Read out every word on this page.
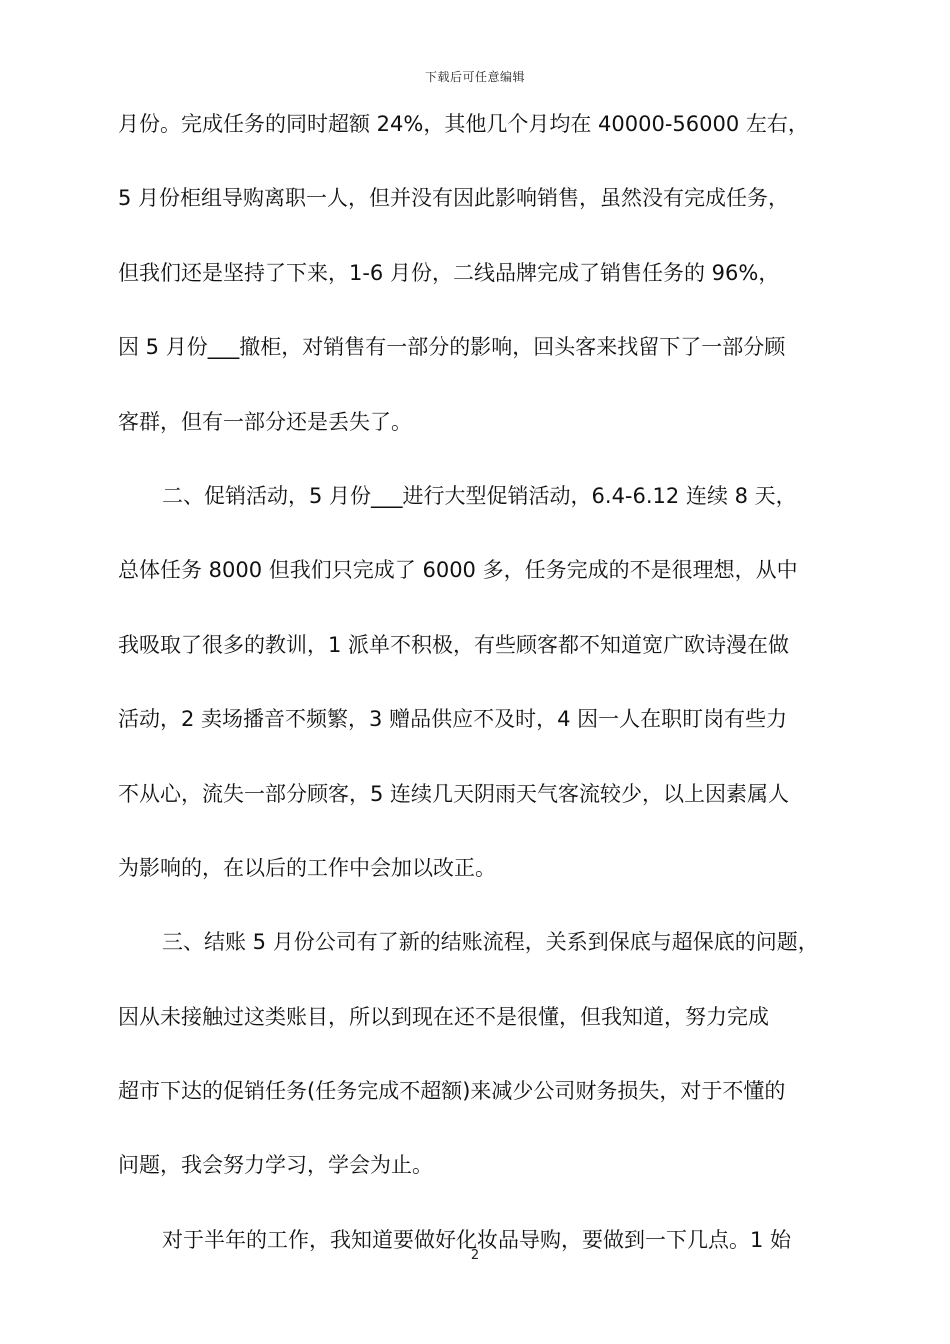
下载后可任意编辑
月份。完成任务的同时超额 24%，其他几个月均在 40000-56000 左右，
5 月份柜组导购离职一人，但并没有因此影响销售，虽然没有完成任务，
但我们还是坚持了下来，1-6 月份，二线品牌完成了销售任务的 96%，
因 5 月份___撤柜，对销售有一部分的影响，回头客来找留下了一部分顾
客群，但有一部分还是丢失了。
二、促销活动，5 月份___进行大型促销活动，6.4-6.12 连续 8 天，
总体任务 8000 但我们只完成了 6000 多，任务完成的不是很理想，从中
我吸取了很多的教训，1 派单不积极，有些顾客都不知道宽广欧诗漫在做
活动，2 卖场播音不频繁，3 赠品供应不及时，4 因一人在职盯岗有些力
不从心，流失一部分顾客，5 连续几天阴雨天气客流较少，以上因素属人
为影响的，在以后的工作中会加以改正。
三、结账 5 月份公司有了新的结账流程，关系到保底与超保底的问题，
因从未接触过这类账目，所以到现在还不是很懂，但我知道，努力完成
超市下达的促销任务(任务完成不超额)来减少公司财务损失，对于不懂的
问题，我会努力学习，学会为止。
对于半年的工作，我知道要做好化妆品导购，要做到一下几点。1 始
2
